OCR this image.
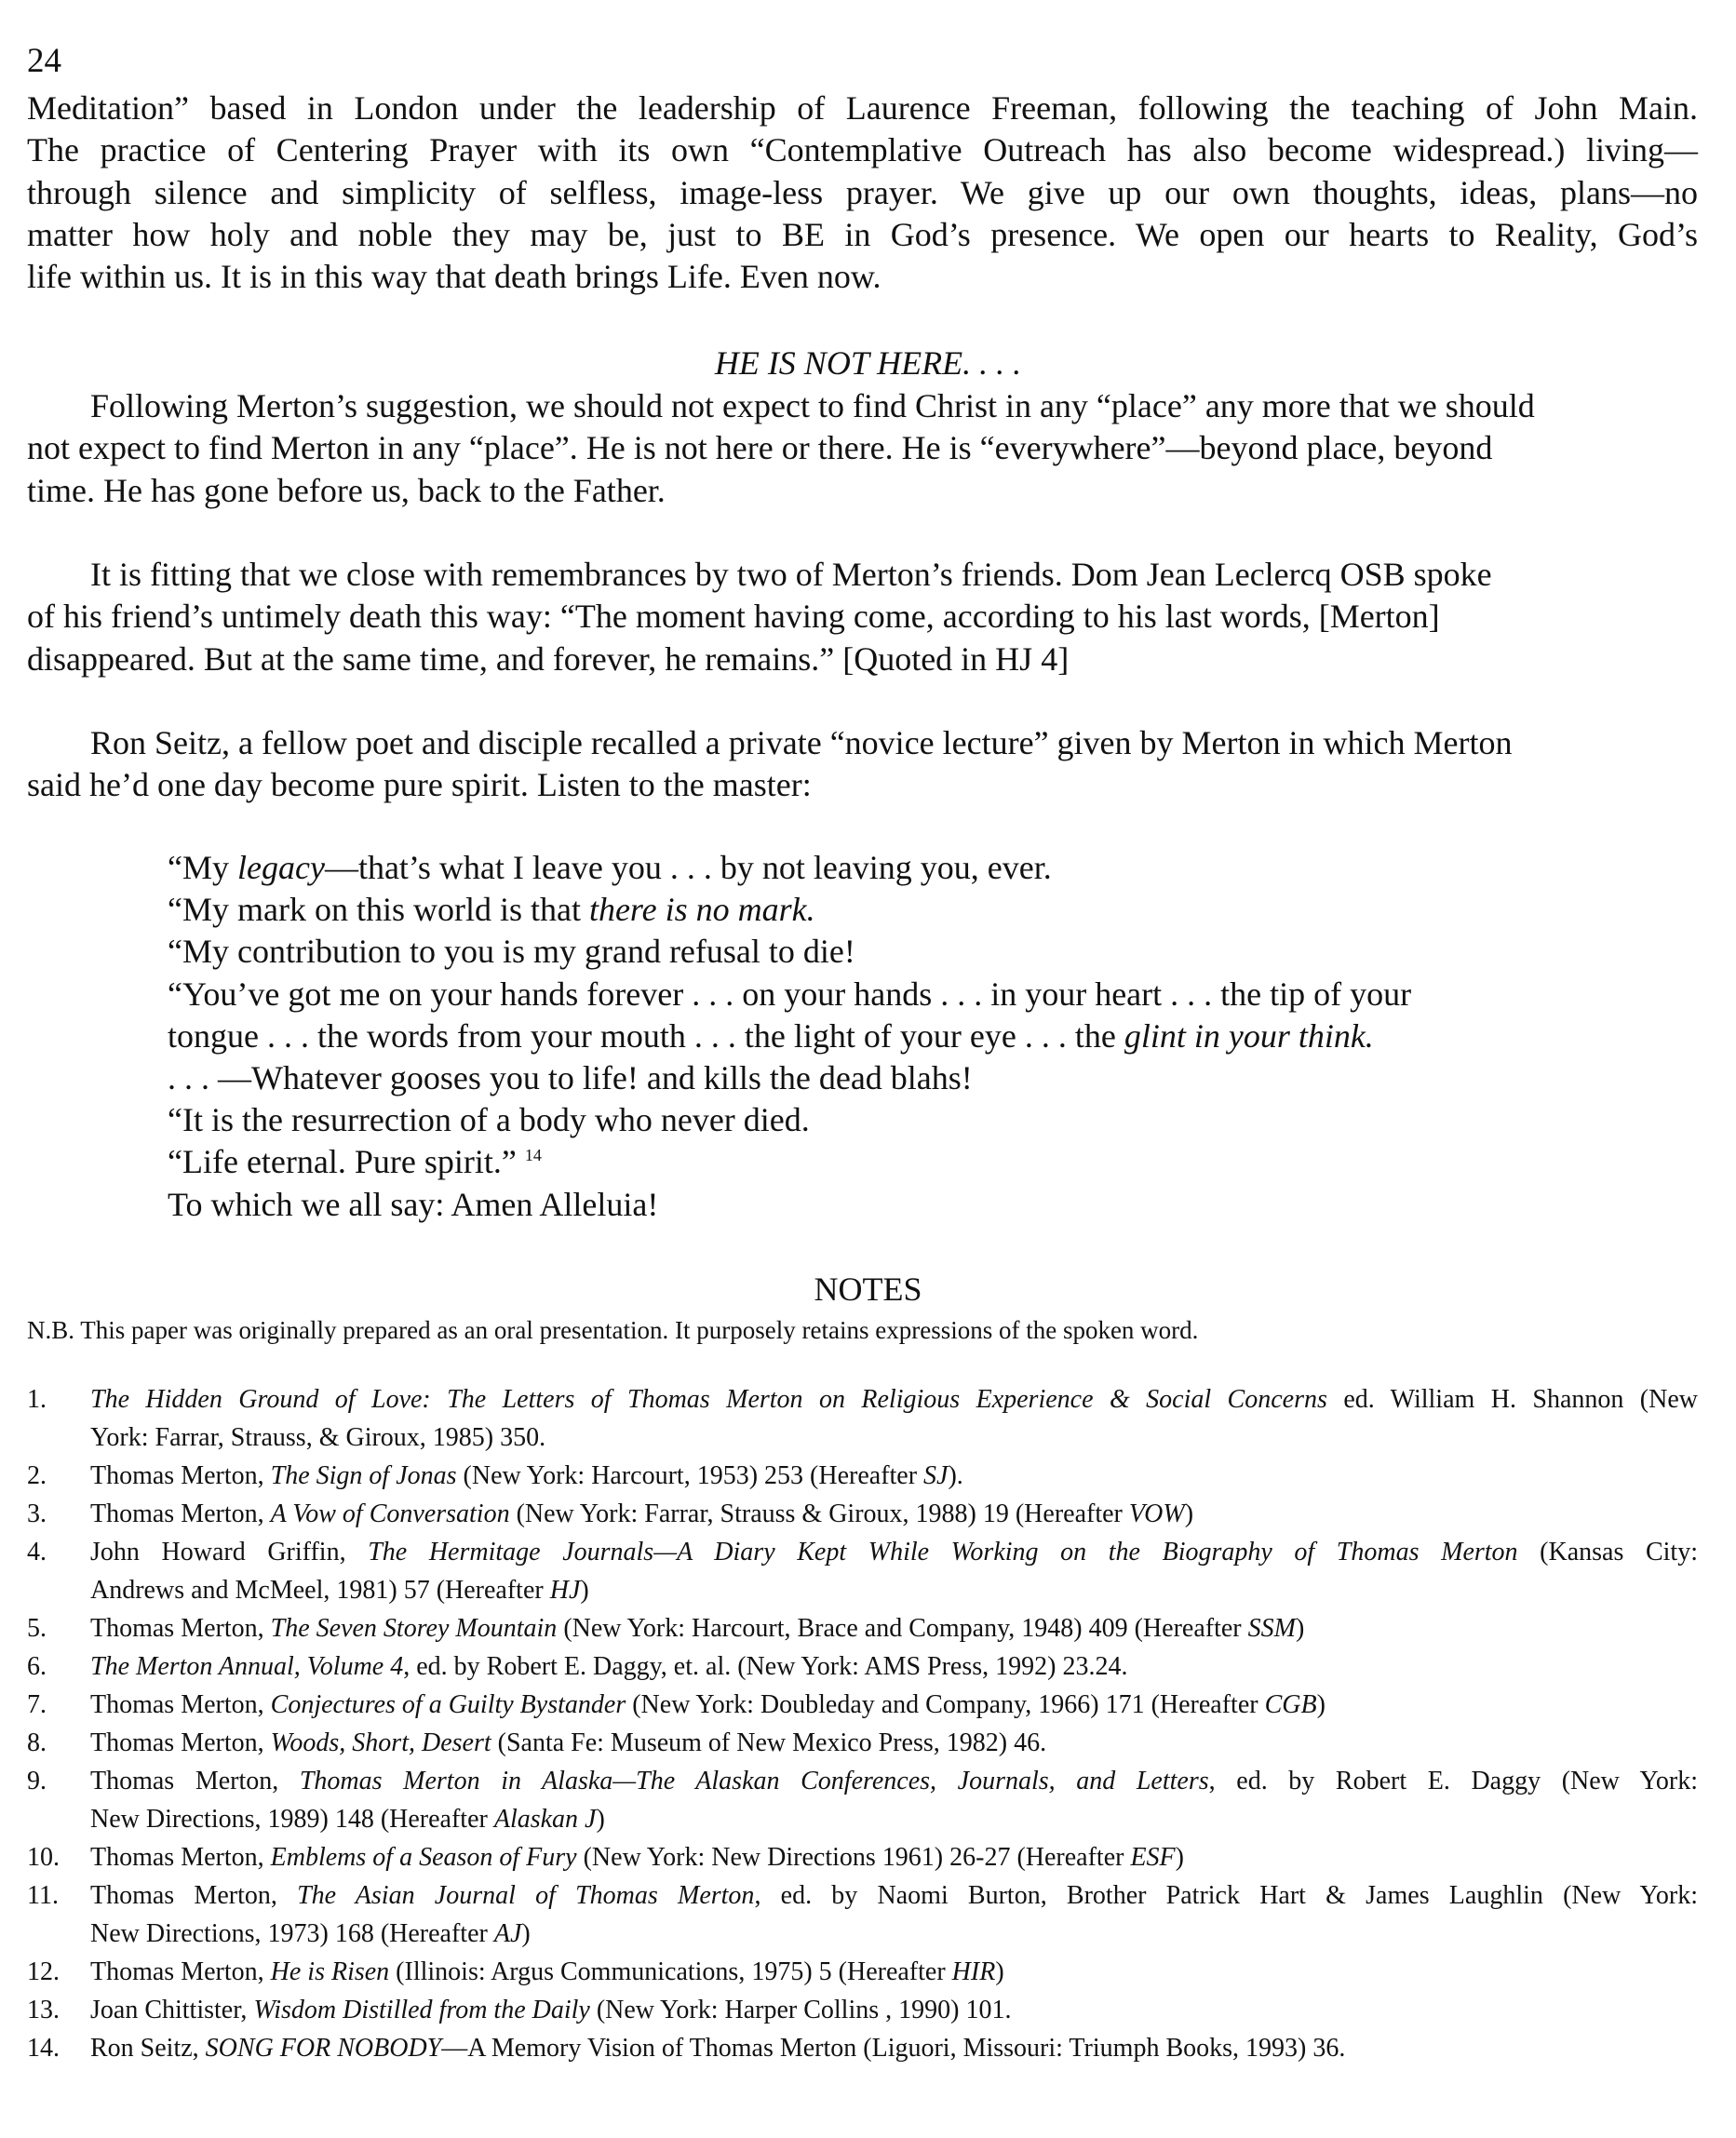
24
Meditation” based in London under the leadership of Laurence Freeman, following the teaching of John Main.
The practice of Centering Prayer with its own “Contemplative Outreach has also become widespread.) living—
through silence and simplicity of selfless, image-less prayer. We give up our own thoughts, ideas, plans—no
matter how holy and noble they may be, just to BE in God’s presence. We open our hearts to Reality, God’s
life within us. It is in this way that death brings Life. Even now.
HE IS NOT HERE. . . .
Following Merton’s suggestion, we should not expect to find Christ in any “place” any more that we should
not expect to find Merton in any “place”. He is not here or there. He is “everywhere”—beyond place, beyond
time. He has gone before us, back to the Father.
It is fitting that we close with remembrances by two of Merton’s friends. Dom Jean Leclercq OSB spoke
of his friend’s untimely death this way: “The moment having come, according to his last words, [Merton]
disappeared. But at the same time, and forever, he remains.” [Quoted in HJ 4]
Ron Seitz, a fellow poet and disciple recalled a private “novice lecture” given by Merton in which Merton
said he’d one day become pure spirit. Listen to the master:
“My legacy—that’s what I leave you . . . by not leaving you, ever.
“My mark on this world is that there is no mark.
“My contribution to you is my grand refusal to die!
“You’ve got me on your hands forever . . . on your hands . . . in your heart . . . the tip of your
tongue . . . the words from your mouth . . . the light of your eye . . . the glint in your think.
. . . —Whatever gooses you to life! and kills the dead blahs!
“It is the resurrection of a body who never died.
“Life eternal. Pure spirit.” $^{14}$
To which we all say: Amen Alleluia!
NOTES
N.B. This paper was originally prepared as an oral presentation. It purposely retains expressions of the spoken word.
1.	The Hidden Ground of Love: The Letters of Thomas Merton on Religious Experience & Social Concerns ed. William H. Shannon (New
York: Farrar, Strauss, & Giroux, 1985) 350.
2.	Thomas Merton, The Sign of Jonas (New York: Harcourt, 1953) 253 (Hereafter SJ).
3.	Thomas Merton, A Vow of Conversation (New York: Farrar, Strauss & Giroux, 1988) 19 (Hereafter VOW)
4.	John Howard Griffin, The Hermitage Journals—A Diary Kept While Working on the Biography of Thomas Merton (Kansas City:
Andrews and McMeel, 1981) 57 (Hereafter HJ)
5.	Thomas Merton, The Seven Storey Mountain (New York: Harcourt, Brace and Company, 1948) 409 (Hereafter SSM)
6.	The Merton Annual, Volume 4, ed. by Robert E. Daggy, et. al. (New York: AMS Press, 1992) 23.24.
7.	Thomas Merton, Conjectures of a Guilty Bystander (New York: Doubleday and Company, 1966) 171 (Hereafter CGB)
8.	Thomas Merton, Woods, Short, Desert (Santa Fe: Museum of New Mexico Press, 1982) 46.
9.	Thomas Merton, Thomas Merton in Alaska—The Alaskan Conferences, Journals, and Letters, ed. by Robert E. Daggy (New York:
New Directions, 1989) 148 (Hereafter Alaskan J)
10.	Thomas Merton, Emblems of a Season of Fury (New York: New Directions 1961) 26-27 (Hereafter ESF)
11.	Thomas Merton, The Asian Journal of Thomas Merton, ed. by Naomi Burton, Brother Patrick Hart & James Laughlin (New York:
New Directions, 1973) 168 (Hereafter AJ)
12.	Thomas Merton, He is Risen (Illinois: Argus Communications, 1975) 5 (Hereafter HIR)
13.	Joan Chittister, Wisdom Distilled from the Daily (New York: Harper Collins , 1990) 101.
14.	Ron Seitz, SONG FOR NOBODY—A Memory Vision of Thomas Merton (Liguori, Missouri: Triumph Books, 1993) 36.
